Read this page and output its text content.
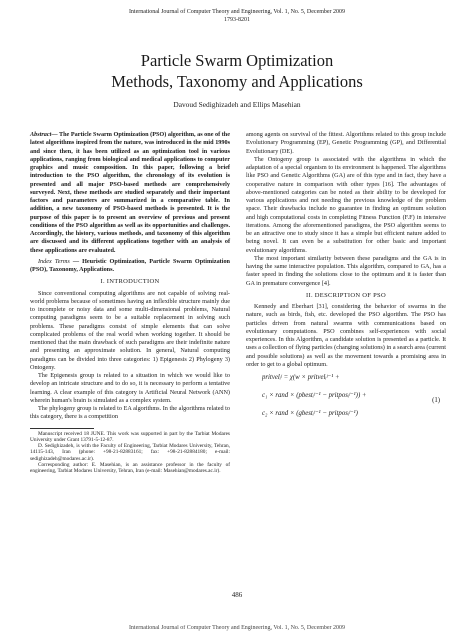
International Journal of Computer Theory and Engineering, Vol. 1, No. 5, December 2009
1793-8201
Particle Swarm Optimization
Methods, Taxonomy and Applications
Davoud Sedighizadeh and Ellips Masehian

Abstract— The Particle Swarm Optimization (PSO) algorithm, as one of the latest algorithms inspired from the nature, was introduced in the mid 1990s and since then, it has been utilized as an optimization tool in various applications, ranging from biological and medical applications to computer graphics and music composition. In this paper, following a brief introduction to the PSO algorithm, the chronology of its evolution is presented and all major PSO-based methods are comprehensively surveyed. Next, these methods are studied separately and their important factors and parameters are summarized in a comparative table. In addition, a new taxonomy of PSO-based methods is presented. It is the purpose of this paper is to present an overview of previous and present conditions of the PSO algorithm as well as its opportunities and challenges. Accordingly, the history, various methods, and taxonomy of this algorithm are discussed and its different applications together with an analysis of these applications are evaluated.

Index Terms — Heuristic Optimization, Particle Swarm Optimization (PSO), Taxonomy, Applications.

I. INTRODUCTION

Since conventional computing algorithms are not capable of solving real-world problems because of sometimes having an inflexible structure mainly due to incomplete or noisy data and some multi-dimensional problems, Natural computing paradigms seem to be a suitable replacement in solving such problems. These paradigms consist of simple elements that can solve complicated problems of the real world when working together. It should be mentioned that the main drawback of such paradigms are their indefinite nature and presenting an approximate solution. In general, Natural computing paradigms can be divided into three categories: 1) Epigenesis 2) Phylogeny 3) Ontogeny.

The Epigenesis group is related to a situation in which we would like to develop an intricate structure and to do so, it is necessary to perform a tentative learning. A clear example of this category is Artificial Neural Network (ANN) wherein human's brain is simulated as a complex system.

The phylogeny group is related to EA algorithms. In the algorithms related to this category, there is a competition

Manuscript received 18 JUNE. This work was supported in part by the Tarbiat Modares University under Grant 13791-5-12-87.

D. Sedighizadeh, is with the Faculty of Engineering, Tarbiat Modares University, Tehran, 14115-143, Iran (phone: +98-21-82883161; fax: +98-21-82884180; e-mail: sedighizadeh@modares.ac.ir).

Corresponding author: E. Masehian, is an assistance professor in the faculty of engineering, Tarbiat Modares University, Tehran, Iran (e-mail: Masehian@modares.ac.ir).

among agents on survival of the fittest. Algorithms related to this group include Evolutionary Programming (EP), Genetic Programming (GP), and Differential Evolutionary (DE).

The Ontogeny group is associated with the algorithms in which the adaptation of a special organism to its environment is happened. The algorithms like PSO and Genetic Algorithms (GA) are of this type and in fact, they have a cooperative nature in comparison with other types [16]. The advantages of above-mentioned categories can be noted as their ability to be developed for various applications and not needing the previous knowledge of the problem space. Their drawbacks include no guarantee in finding an optimum solution and high computational costs in completing Fitness Function (F.F) in intensive iterations. Among the aforementioned paradigms, the PSO algorithm seems to be an attractive one to study since it has a simple but efficient nature added to being novel. It can even be a substitution for other basic and important evolutionary algorithms.

The most important similarity between these paradigms and the GA is in having the same interactive population. This algorithm, compared to GA, has a faster speed in finding the solutions close to the optimum and it is faster than GA in premature convergence [4].

II. DESCRIPTION OF PSO

Kennedy and Eberhart [31], considering the behavior of swarms in the nature, such as birds, fish, etc. developed the PSO algorithm. The PSO has particles driven from natural swarms with communications based on evolutionary computations. PSO combines self-experiences with social experiences. In this Algorithm, a candidate solution is presented as a particle. It uses a collection of flying particles (changing solutions) in a search area (current and possible solutions) as well as the movement towards a promising area in order to get to a global optimum.

pritvelᵢʲ = χ(w × pritvelᵢʲ⁻¹ +
c₁ × rand × (pbestᵢʲ⁻¹ − pritposᵢʲ⁻¹)) +
c₂ × rand × (gbestᵢʲ⁻¹ − pritposᵢʲ⁻¹)
(1)
486
International Journal of Computer Theory and Engineering, Vol. 1, No. 5, December 2009
